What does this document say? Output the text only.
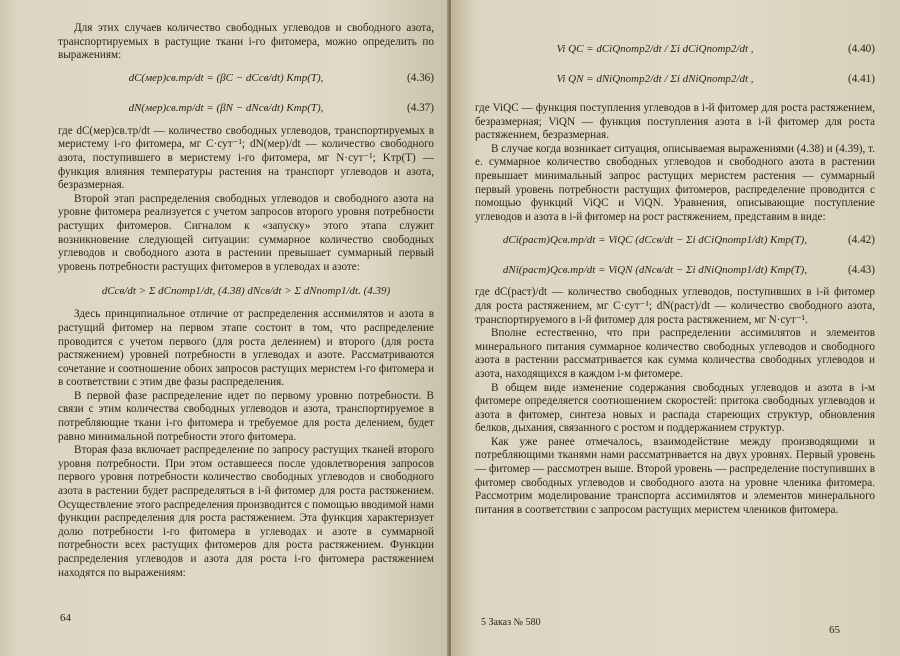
Для этих случаев количество свободных углеводов и свободного азота, транспортируемых в растущие ткани i-го фитомера, можно определить по выражениям:

dC(мер)св.тр/dt = (βC − dCсв/dt) Kтр(T),	(4.36)
dN(мер)св.тр/dt = (βN − dNсв/dt) Kтр(T),	(4.37)

где dC(мер)св.тр/dt — количество свободных углеводов, транспортируемых в меристему i-го фитомера, мг С·сут⁻¹; dN(мер)/dt — количество свободного азота, поступившего в меристему i-го фитомера, мг N·сут⁻¹; Kтр(T) — функция влияния температуры растения на транспорт углеводов и азота, безразмерная.

Второй этап распределения свободных углеводов и свободного азота на уровне фитомера реализуется с учетом запросов второго уровня потребности растущих фитомеров. Сигналом к «запуску» этого этапа служит возникновение следующей ситуации: суммарное количество свободных углеводов и свободного азота в растении превышает суммарный первый уровень потребности растущих фитомеров в углеводах и азоте:

dCсв/dt > Σ dCпотр1/dt, (4.38) dNсв/dt > Σ dNпотр1/dt. (4.39)

Здесь принципиальное отличие от распределения ассимилятов и азота в растущий фитомер на первом этапе состоит в том, что распределение проводится с учетом первого (для роста делением) и второго (для роста растяжением) уровней потребности в углеводах и азоте. Рассматриваются сочетание и соотношение обоих запросов растущих меристем i-го фитомера и в соответствии с этим две фазы распределения.

В первой фазе распределение идет по первому уровню потребности. В связи с этим количества свободных углеводов и азота, транспортируемое в потребляющие ткани i-го фитомера и требуемое для роста делением, будет равно минимальной потребности этого фитомера.

Вторая фаза включает распределение по запросу растущих тканей второго уровня потребности. При этом оставшееся после удовлетворения запросов первого уровня потребности количество свободных углеводов и свободного азота в растении будет распределяться в i-й фитомер для роста растяжением. Осуществление этого распределения производится с помощью вводимой нами функции распределения для роста растяжением. Эта функция характеризует долю потребности i-го фитомера в углеводах и азоте в суммарной потребности всех растущих фитомеров для роста растяжением. Функции распределения углеводов и азота для роста i-го фитомера растяжением находятся по выражениям:

64
Vi QC = dCiQпотр2/dt / Σi dCiQпотр2/dt ,	(4.40)
Vi QN = dNiQпотр2/dt / Σi dNiQпотр2/dt ,	(4.41)

где ViQC — функция поступления углеводов в i-й фитомер для роста растяжением, безразмерная; ViQN — функция поступления азота в i-й фитомер для роста растяжением, безразмерная.

В случае когда возникает ситуация, описываемая выражениями (4.38) и (4.39), т. е. суммарное количество свободных углеводов и свободного азота в растении превышает минимальный запрос растущих меристем растения — суммарный первый уровень потребности растущих фитомеров, распределение проводится с помощью функций ViQC и ViQN. Уравнения, описывающие поступление углеводов и азота в i-й фитомер на рост растяжением, представим в виде:

dCi(раст)Qсв.тр/dt = ViQC (dCсв/dt − Σi dCiQпотр1/dt) Kтр(T),	(4.42)
dNi(раст)Qсв.тр/dt = ViQN (dNсв/dt − Σi dNiQпотр1/dt) Kтр(T),	(4.43)

где dC(раст)/dt — количество свободных углеводов, поступивших в i-й фитомер для роста растяжением, мг С·сут⁻¹; dN(раст)/dt — количество свободного азота, транспортируемого в i-й фитомер для роста растяжением, мг N·сут⁻¹.

Вполне естественно, что при распределении ассимилятов и элементов минерального питания суммарное количество свободных углеводов и свободного азота в растении рассматривается как сумма количества свободных углеводов и азота, находящихся в каждом i-м фитомере.

В общем виде изменение содержания свободных углеводов и азота в i-м фитомере определяется соотношением скоростей: притока свободных углеводов и азота в фитомер, синтеза новых и распада стареющих структур, обновления белков, дыхания, связанного с ростом и поддержанием структур.

Как уже ранее отмечалось, взаимодействие между производящими и потребляющими тканями нами рассматривается на двух уровнях. Первый уровень — фитомер — рассмотрен выше. Второй уровень — распределение поступивших в фитомер свободных углеводов и свободного азота на уровне членика фитомера. Рассмотрим моделирование транспорта ассимилятов и элементов минерального питания в соответствии с запросом растущих меристем члеников фитомера.

5 Заказ № 580
65
